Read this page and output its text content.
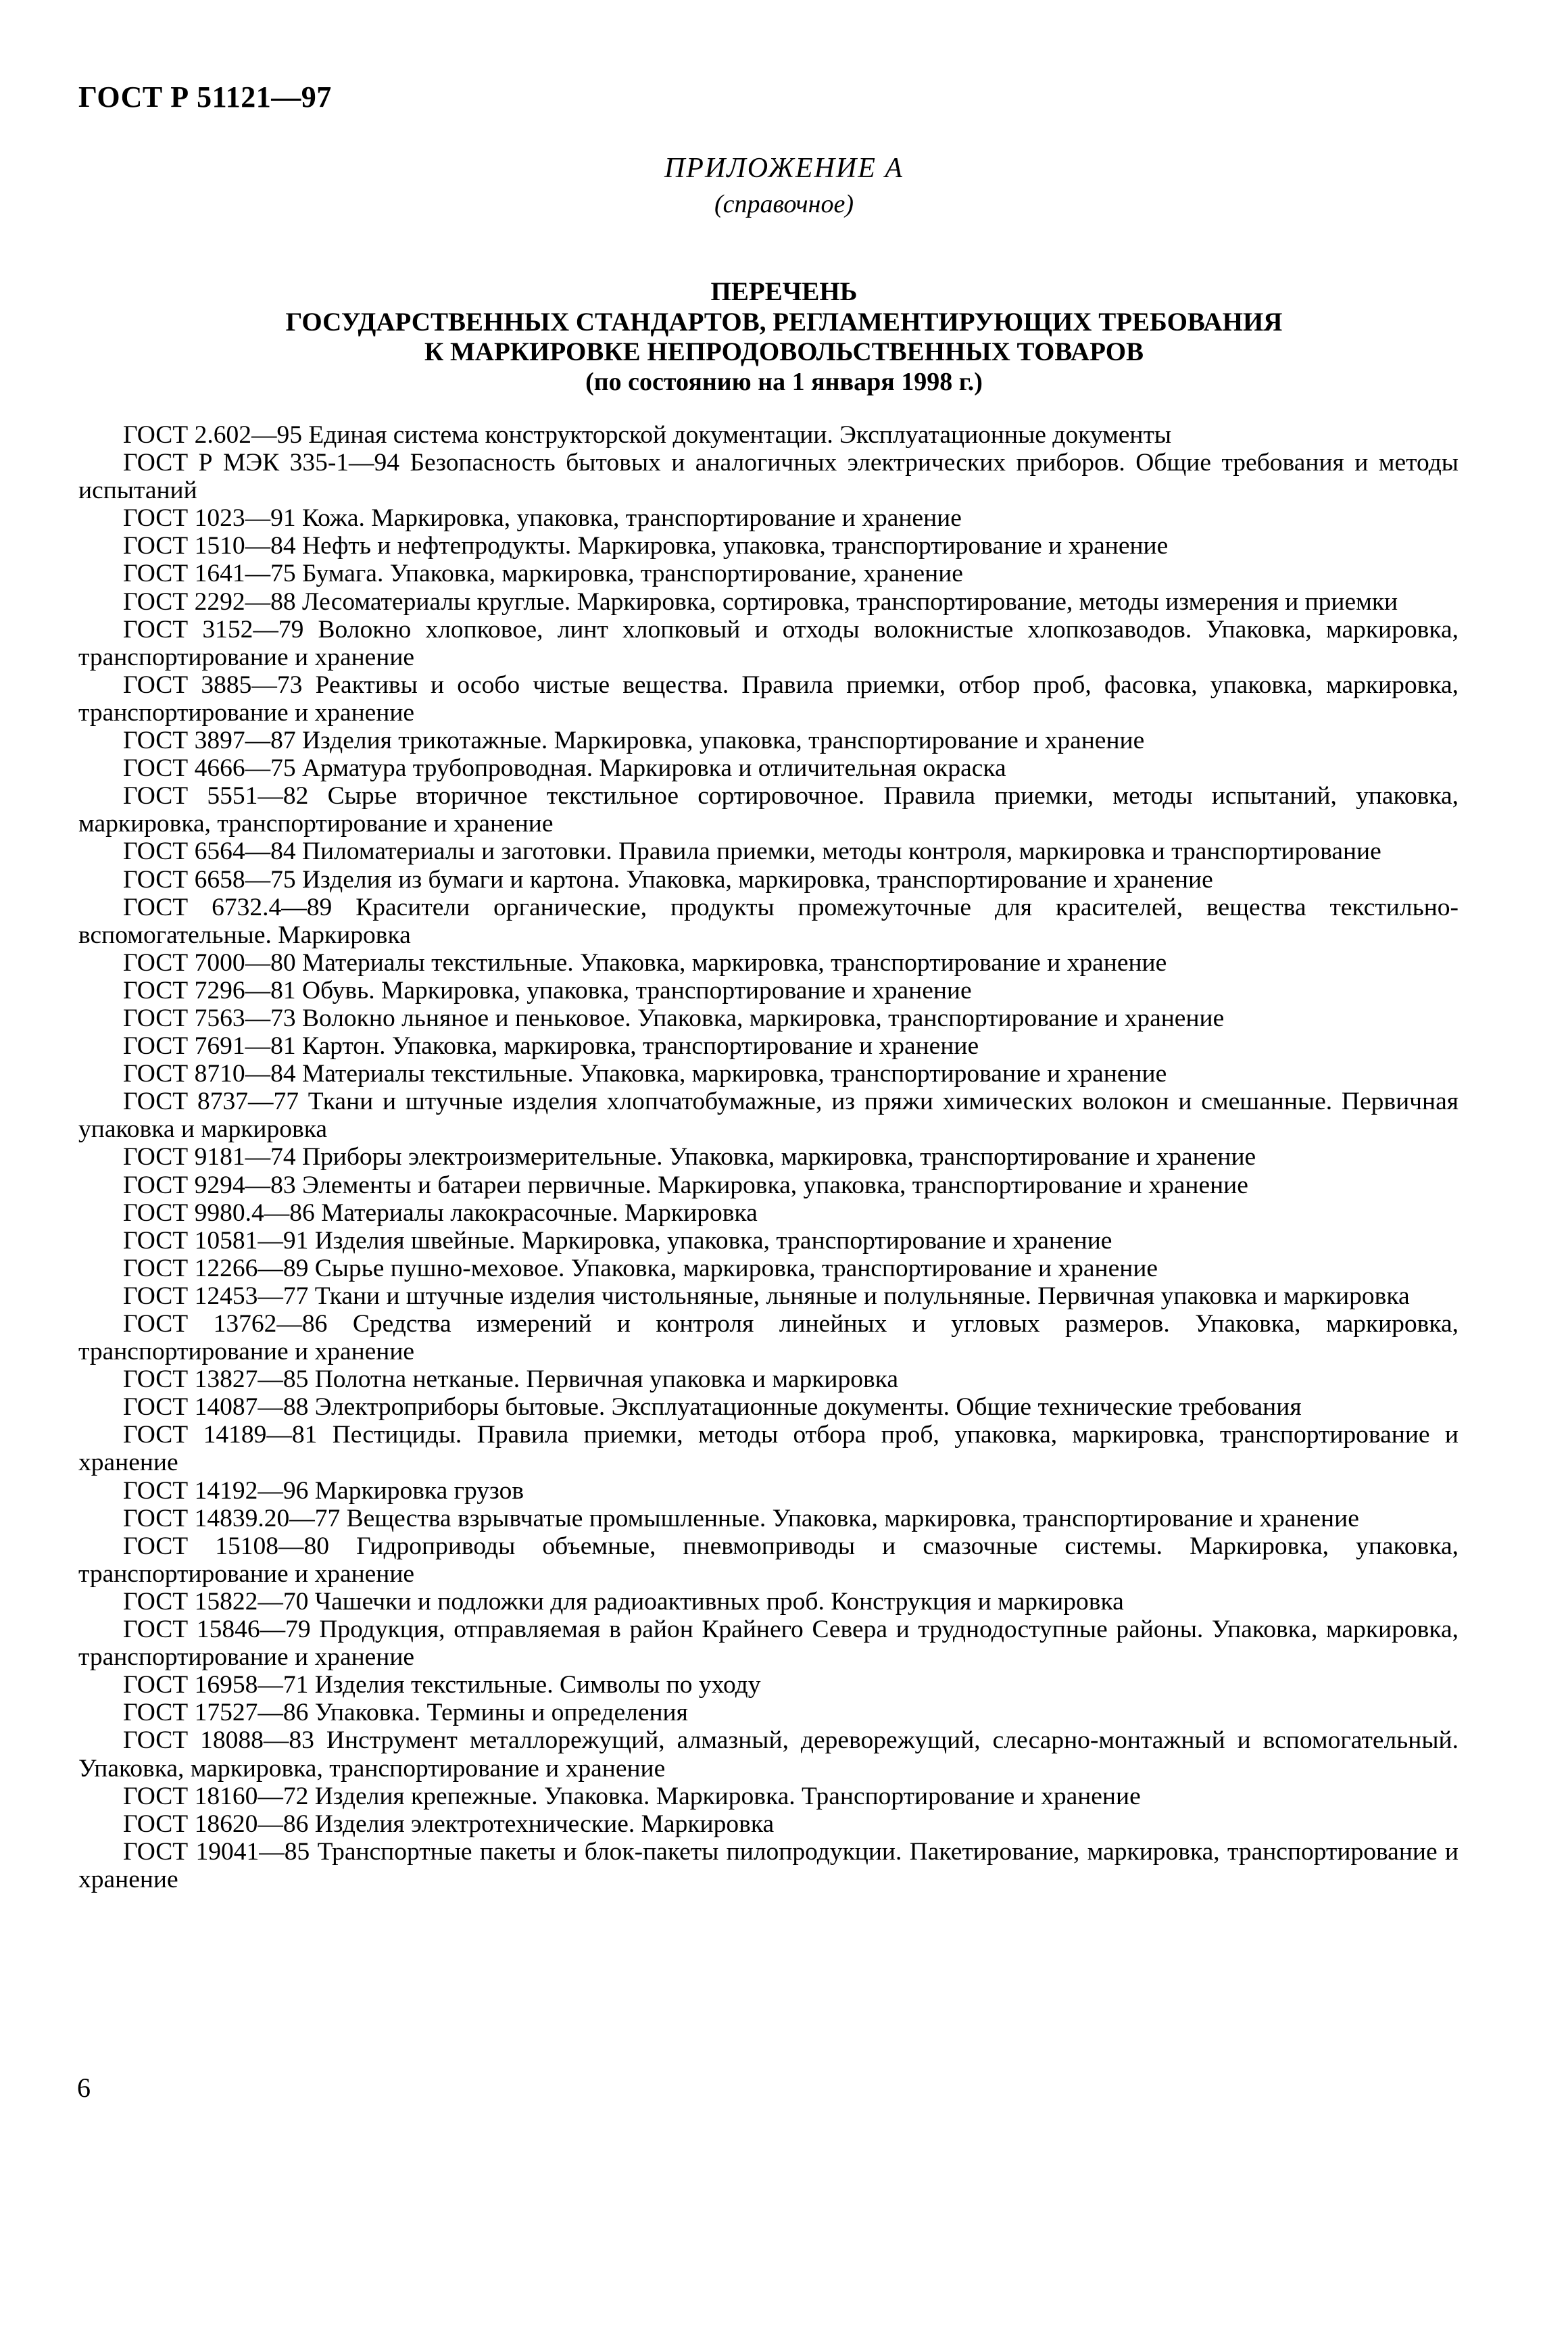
ГОСТ Р 51121—97
ПРИЛОЖЕНИЕ А
(справочное)
ПЕРЕЧЕНЬ
ГОСУДАРСТВЕННЫХ СТАНДАРТОВ, РЕГЛАМЕНТИРУЮЩИХ ТРЕБОВАНИЯ
К МАРКИРОВКЕ НЕПРОДОВОЛЬСТВЕННЫХ ТОВАРОВ
(по состоянию на 1 января 1998 г.)

ГОСТ 2.602—95 Единая система конструкторской документации. Эксплуатационные документы

ГОСТ Р МЭК 335-1—94 Безопасность бытовых и аналогичных электрических приборов. Общие требования и методы испытаний

ГОСТ 1023—91 Кожа. Маркировка, упаковка, транспортирование и хранение

ГОСТ 1510—84 Нефть и нефтепродукты. Маркировка, упаковка, транспортирование и хранение

ГОСТ 1641—75 Бумага. Упаковка, маркировка, транспортирование, хранение

ГОСТ 2292—88 Лесоматериалы круглые. Маркировка, сортировка, транспортирование, методы измерения и приемки

ГОСТ 3152—79 Волокно хлопковое, линт хлопковый и отходы волокнистые хлопкозаводов. Упаковка, маркировка, транспортирование и хранение

ГОСТ 3885—73 Реактивы и особо чистые вещества. Правила приемки, отбор проб, фасовка, упаковка, маркировка, транспортирование и хранение

ГОСТ 3897—87 Изделия трикотажные. Маркировка, упаковка, транспортирование и хранение

ГОСТ 4666—75 Арматура трубопроводная. Маркировка и отличительная окраска

ГОСТ 5551—82 Сырье вторичное текстильное сортировочное. Правила приемки, методы испытаний, упаковка, маркировка, транспортирование и хранение

ГОСТ 6564—84 Пиломатериалы и заготовки. Правила приемки, методы контроля, маркировка и транспортирование

ГОСТ 6658—75 Изделия из бумаги и картона. Упаковка, маркировка, транспортирование и хранение

ГОСТ 6732.4—89 Красители органические, продукты промежуточные для красителей, вещества текстильно-вспомогательные. Маркировка

ГОСТ 7000—80 Материалы текстильные. Упаковка, маркировка, транспортирование и хранение

ГОСТ 7296—81 Обувь. Маркировка, упаковка, транспортирование и хранение

ГОСТ 7563—73 Волокно льняное и пеньковое. Упаковка, маркировка, транспортирование и хранение

ГОСТ 7691—81 Картон. Упаковка, маркировка, транспортирование и хранение

ГОСТ 8710—84 Материалы текстильные. Упаковка, маркировка, транспортирование и хранение

ГОСТ 8737—77 Ткани и штучные изделия хлопчатобумажные, из пряжи химических волокон и смешанные. Первичная упаковка и маркировка

ГОСТ 9181—74 Приборы электроизмерительные. Упаковка, маркировка, транспортирование и хранение

ГОСТ 9294—83 Элементы и батареи первичные. Маркировка, упаковка, транспортирование и хранение

ГОСТ 9980.4—86 Материалы лакокрасочные. Маркировка

ГОСТ 10581—91 Изделия швейные. Маркировка, упаковка, транспортирование и хранение

ГОСТ 12266—89 Сырье пушно-меховое. Упаковка, маркировка, транспортирование и хранение

ГОСТ 12453—77 Ткани и штучные изделия чистольняные, льняные и полульняные. Первичная упаковка и маркировка

ГОСТ 13762—86 Средства измерений и контроля линейных и угловых размеров. Упаковка, маркировка, транспортирование и хранение

ГОСТ 13827—85 Полотна нетканые. Первичная упаковка и маркировка

ГОСТ 14087—88 Электроприборы бытовые. Эксплуатационные документы. Общие технические требования

ГОСТ 14189—81 Пестициды. Правила приемки, методы отбора проб, упаковка, маркировка, транспортирование и хранение

ГОСТ 14192—96 Маркировка грузов

ГОСТ 14839.20—77 Вещества взрывчатые промышленные. Упаковка, маркировка, транспортирование и хранение

ГОСТ 15108—80 Гидроприводы объемные, пневмоприводы и смазочные системы. Маркировка, упаковка, транспортирование и хранение

ГОСТ 15822—70 Чашечки и подложки для радиоактивных проб. Конструкция и маркировка

ГОСТ 15846—79 Продукция, отправляемая в район Крайнего Севера и труднодоступные районы. Упаковка, маркировка, транспортирование и хранение

ГОСТ 16958—71 Изделия текстильные. Символы по уходу

ГОСТ 17527—86 Упаковка. Термины и определения

ГОСТ 18088—83 Инструмент металлорежущий, алмазный, дереворежущий, слесарно-монтажный и вспомогательный. Упаковка, маркировка, транспортирование и хранение

ГОСТ 18160—72 Изделия крепежные. Упаковка. Маркировка. Транспортирование и хранение

ГОСТ 18620—86 Изделия электротехнические. Маркировка

ГОСТ 19041—85 Транспортные пакеты и блок-пакеты пилопродукции. Пакетирование, маркировка, транспортирование и хранение

6
